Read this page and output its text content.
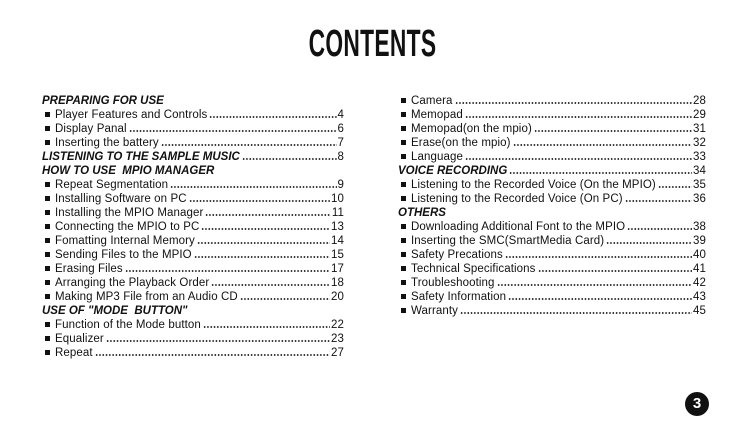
CONTENTS
PREPARING FOR USE
Player Features and Controls	4
Display Panal	6
Inserting the battery	7
LISTENING TO THE SAMPLE MUSIC	8
HOW TO USE  MPIO MANAGER
Repeat Segmentation	9
Installing Software on PC	10
Installing the MPIO Manager	11
Connecting the MPIO to PC	13
Fomatting Internal Memory	14
Sending Files to the MPIO	15
Erasing Files	17
Arranging the Playback Order	18
Making MP3 File from an Audio CD	20
USE OF "MODE  BUTTON"
Function of the Mode button	22
Equalizer	23
Repeat	27
Camera	28
Memopad	29
Memopad(on the mpio)	31
Erase(on the mpio)	32
Language	33
VOICE RECORDING	34
Listening to the Recorded Voice (On the MPIO)	35
Listening to the Recorded Voice (On PC)	36
OTHERS
Downloading Additional Font to the MPIO	38
Inserting the SMC(SmartMedia Card)	39
Safety Precations	40
Technical Specifications	41
Troubleshooting	42
Safety Information	43
Warranty	45
3
